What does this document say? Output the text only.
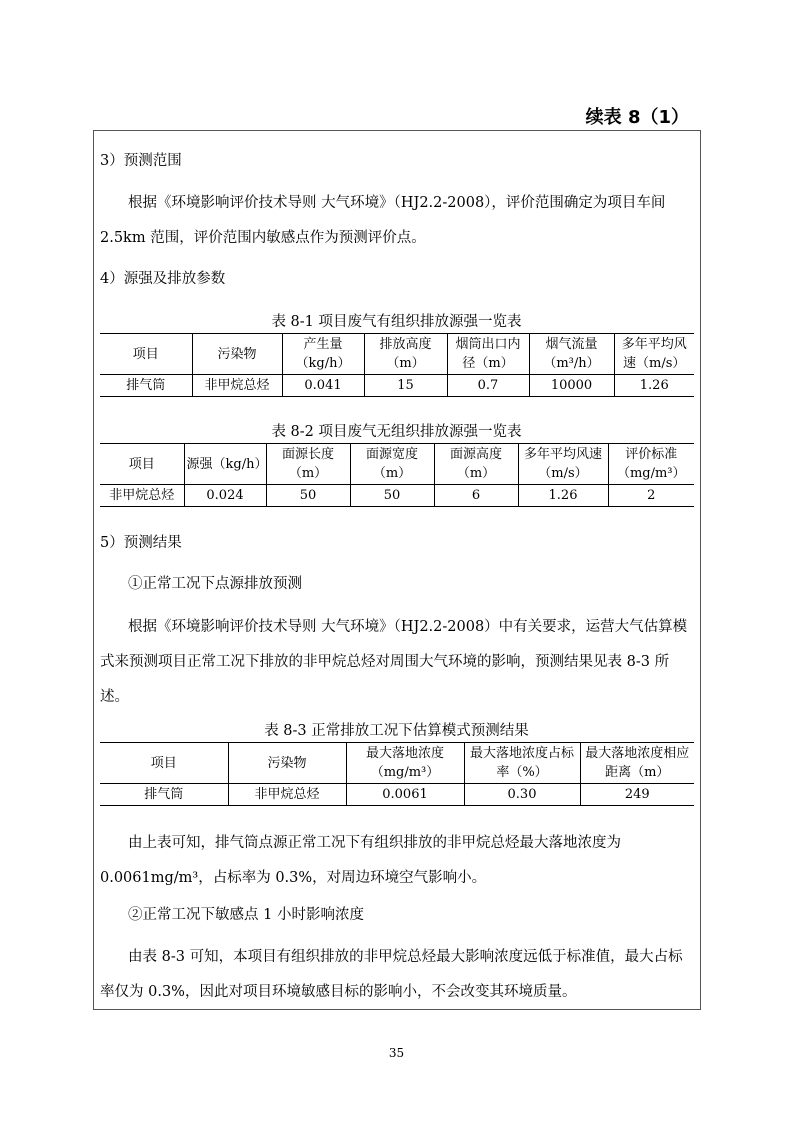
续表 8（1）
3）预测范围
根据《环境影响评价技术导则 大气环境》（HJ2.2-2008），评价范围确定为项目车间 2.5km 范围，评价范围内敏感点作为预测评价点。
4）源强及排放参数
表 8-1 项目废气有组织排放源强一览表
项目	污染物	产生量（kg/h）	排放高度（m）	烟筒出口内径（m）	烟气流量（m³/h）	多年平均风速（m/s）
排气筒	非甲烷总烃	0.041	15	0.7	10000	1.26
表 8-2 项目废气无组织排放源强一览表
项目	源强（kg/h）	面源长度（m）	面源宽度（m）	面源高度（m）	多年平均风速（m/s）	评价标准（mg/m³）
非甲烷总烃	0.024	50	50	6	1.26	2
5）预测结果
①正常工况下点源排放预测
根据《环境影响评价技术导则 大气环境》（HJ2.2-2008）中有关要求，运营大气估算模式来预测项目正常工况下排放的非甲烷总烃对周围大气环境的影响，预测结果见表 8-3 所述。
表 8-3 正常排放工况下估算模式预测结果
项目	污染物	最大落地浓度（mg/m³）	最大落地浓度占标率（%）	最大落地浓度相应距离（m）
排气筒	非甲烷总烃	0.0061	0.30	249
由上表可知，排气筒点源正常工况下有组织排放的非甲烷总烃最大落地浓度为 0.0061mg/m³，占标率为 0.3%，对周边环境空气影响小。
②正常工况下敏感点 1 小时影响浓度
由表 8-3 可知，本项目有组织排放的非甲烷总烃最大影响浓度远低于标准值，最大占标率仅为 0.3%，因此对项目环境敏感目标的影响小，不会改变其环境质量。
35
